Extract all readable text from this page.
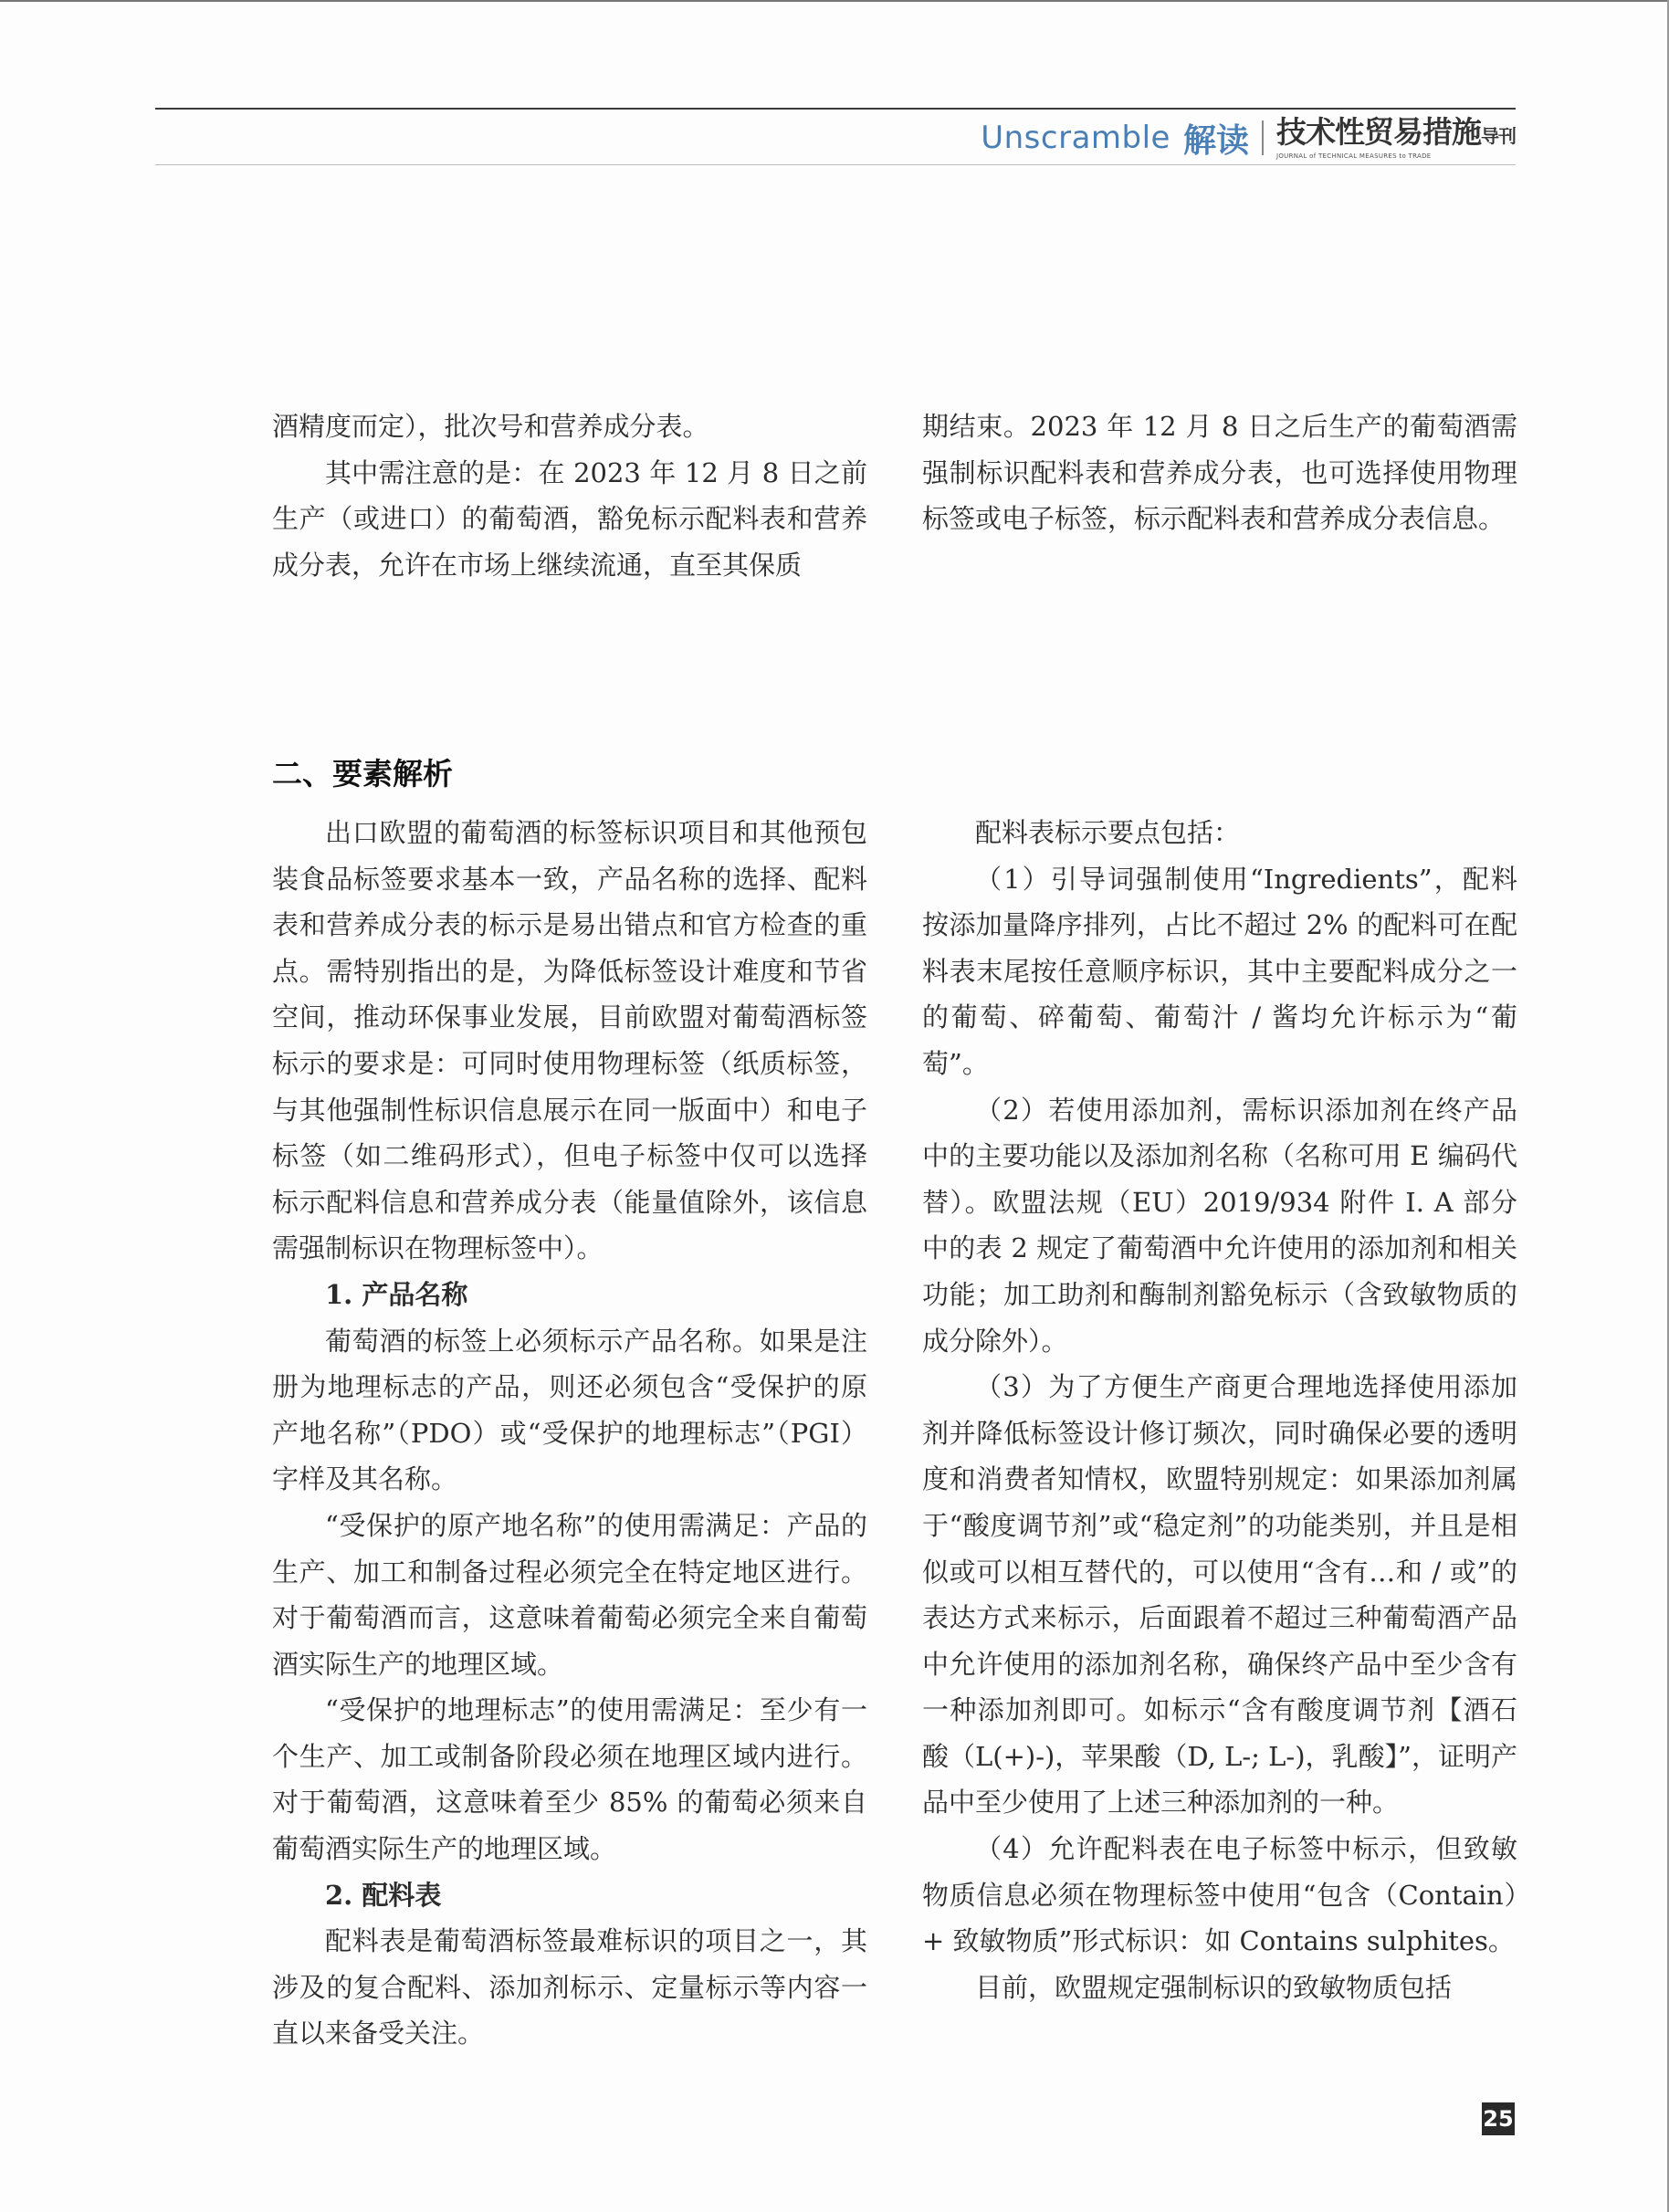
Unscramble 解读 技术性贸易措施导刊
JOURNAL of TECHNICAL MEASURES to TRADE

酒精度而定），批次号和营养成分表。

其中需注意的是：在 2023 年 12 月 8 日之前生产（或进口）的葡萄酒，豁免标示配料表和营养成分表，允许在市场上继续流通，直至其保质

期结束。2023 年 12 月 8 日之后生产的葡萄酒需强制标识配料表和营养成分表，也可选择使用物理标签或电子标签，标示配料表和营养成分表信息。

二、要素解析

出口欧盟的葡萄酒的标签标识项目和其他预包装食品标签要求基本一致，产品名称的选择、配料表和营养成分表的标示是易出错点和官方检查的重点。需特别指出的是，为降低标签设计难度和节省空间，推动环保事业发展，目前欧盟对葡萄酒标签标示的要求是：可同时使用物理标签（纸质标签，与其他强制性标识信息展示在同一版面中）和电子标签（如二维码形式），但电子标签中仅可以选择标示配料信息和营养成分表（能量值除外，该信息需强制标识在物理标签中）。

1. 产品名称

葡萄酒的标签上必须标示产品名称。如果是注册为地理标志的产品，则还必须包含“受保护的原产地名称”（PDO）或“受保护的地理标志”（PGI）字样及其名称。

“受保护的原产地名称”的使用需满足：产品的生产、加工和制备过程必须完全在特定地区进行。对于葡萄酒而言，这意味着葡萄必须完全来自葡萄酒实际生产的地理区域。

“受保护的地理标志”的使用需满足：至少有一个生产、加工或制备阶段必须在地理区域内进行。对于葡萄酒，这意味着至少 85% 的葡萄必须来自葡萄酒实际生产的地理区域。

2. 配料表

配料表是葡萄酒标签最难标识的项目之一，其涉及的复合配料、添加剂标示、定量标示等内容一直以来备受关注。

配料表标示要点包括：

（1）引导词强制使用“Ingredients”，配料按添加量降序排列，占比不超过 2% 的配料可在配料表末尾按任意顺序标识，其中主要配料成分之一的葡萄、碎葡萄、葡萄汁 / 酱均允许标示为“葡萄”。

（2）若使用添加剂，需标识添加剂在终产品中的主要功能以及添加剂名称（名称可用 E 编码代替）。欧盟法规（EU）2019/934 附件 I. A 部分中的表 2 规定了葡萄酒中允许使用的添加剂和相关功能；加工助剂和酶制剂豁免标示（含致敏物质的成分除外）。

（3）为了方便生产商更合理地选择使用添加剂并降低标签设计修订频次，同时确保必要的透明度和消费者知情权，欧盟特别规定：如果添加剂属于“酸度调节剂”或“稳定剂”的功能类别，并且是相似或可以相互替代的，可以使用“含有…和 / 或”的表达方式来标示，后面跟着不超过三种葡萄酒产品中允许使用的添加剂名称，确保终产品中至少含有一种添加剂即可。如标示“含有酸度调节剂【酒石酸（L(+)-)，苹果酸（D, L-; L-)，乳酸】”，证明产品中至少使用了上述三种添加剂的一种。

（4）允许配料表在电子标签中标示，但致敏物质信息必须在物理标签中使用“包含（Contain）+ 致敏物质”形式标识：如 Contains sulphites。

目前，欧盟规定强制标识的致敏物质包括

25
